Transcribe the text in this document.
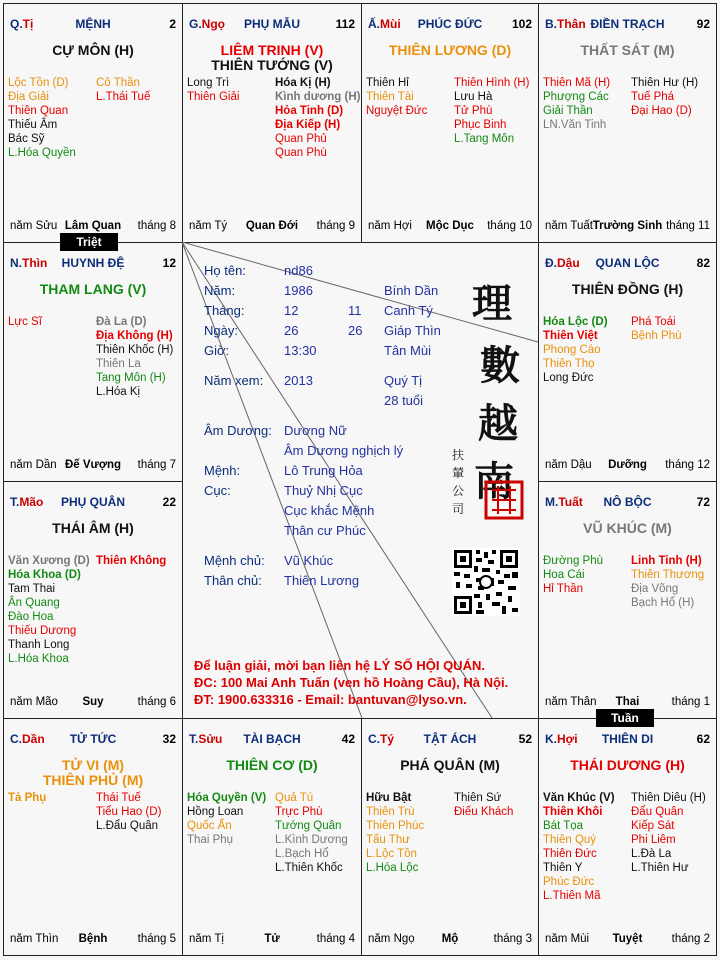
MỆNH
Q.Tị	2
CỰ MÔN (H)
Lộc Tồn (D)
Địa Giải
Thiên Quan
Thiếu Âm
Bác Sỹ
L.Hóa Quyền
Cô Thần
L.Thái Tuế
năm Sửu Lâm Quan	tháng 8
PHỤ MẪU
G.Ngọ	112
LIÊM TRINH (V)
THIÊN TƯỚNG (V)
Long Trì
Thiên Giải
Hóa Kị (H)
Kình dương (H)
Hỏa Tinh (D)
Địa Kiếp (H)
Quan Phủ
Quan Phù
năm Tý	Quan Đới	tháng 9
PHÚC ĐỨC
Ấ.Mùi	102
THIÊN LƯƠNG (D)
Thiên Hỉ
Thiên Tài
Nguyệt Đức
Thiên Hình (H)
Lưu Hà
Tử Phù
Phục Binh
L.Tang Môn
năm Hợi	Mộc Dục	tháng 10
ĐIỀN TRẠCH
B.Thân	92
THẤT SÁT (M)
Thiên Mã (H)
Phượng Các
Giải Thần
LN.Văn Tinh
Thiên Hư (H)
Tuế Phá
Đại Hao (D)
năm Tuất Trường Sinh tháng 11
HUYNH ĐỆ
N.Thìn	12
THAM LANG (V)
Lực Sĩ	Đà La (D)
Địa Không (H)
Thiên Khốc (H)
Thiên La
Tang Môn (H)
L.Hóa Kị
năm Dần Đế Vượng	tháng 7
QUAN LỘC
Đ.Dậu	82
THIÊN ĐỒNG (H)
Hóa Lộc (D)
Thiên Việt
Phong Cáo
Thiên Thọ
Long Đức
Phá Toái
Bệnh Phù
năm Dậu	Dưỡng	tháng 12
PHỤ QUÂN
T.Mão	22
THÁI ÂM (H)
Văn Xương (D)
Hóa Khoa (D)
Tam Thai
Ân Quang
Đào Hoa
Thiếu Dương
Thanh Long
L.Hóa Khoa
Thiên Không
năm Mão	Suy	tháng 6
NÔ BỘC
M.Tuất	72
VŨ KHÚC (M)
Đường Phù
Hoa Cái
Hỉ Thần
Linh Tinh (H)
Thiên Thương
Địa Võng
Bạch Hổ (H)
năm Thân	Thai	tháng 1
TỬ TỨC
C.Dần	32
TỬ VI (M)
THIÊN PHỦ (M)
Tả Phụ	Thái Tuế
Tiểu Hao (D)
L.Đẩu Quân
năm Thìn	Bệnh	tháng 5
TÀI BẠCH
T.Sửu	42
THIÊN CƠ (D)
Hóa Quyền (V)
Hồng Loan
Quốc Ấn
Thai Phụ
Quả Tú
Trực Phù
Tướng Quân
L.Kình Dương
L.Bạch Hổ
L.Thiên Khốc
năm Tị	Tử	tháng 4
TẬT ÁCH
C.Tý	52
PHÁ QUÂN (M)
Hữu Bật
Thiên Trù
Thiên Phúc
Tấu Thư
L.Lộc Tồn
L.Hóa Lộc
Thiên Sứ
Điếu Khách
năm Ngọ	Mộ	tháng 3
THIÊN DI
K.Hợi	62
THÁI DƯƠNG (H)
Văn Khúc (V)
Thiên Khôi
Bát Tọa
Thiên Quý
Thiên Đức
Thiên Y
Phúc Đức
L.Thiên Mã
Thiên Diêu (H)
Đẩu Quân
Kiếp Sát
Phi Liêm
L.Đà La
L.Thiên Hư
năm Mùi	Tuyệt	tháng 2
Họ tên:	nd86
Năm:	1986	Bính Dần
Tháng:	12	11 Canh Tý
Ngày:	26	26 Giáp Thìn
Giờ:	13:30	Tân Mùi
Năm xem: 2013	Quý Tị
28 tuổi
Âm Dương: Dương Nữ
Âm Dương nghịch lý
Mệnh:	Lô Trung Hỏa
Cục:	Thuỷ Nhị Cục
Cục khắc Mệnh
Thân cư Phúc
Mệnh chủ: Vũ Khúc
Thân chủ: Thiên Lương
理
數
越
南
扶
輦
公
司
Để luận giải, mời bạn liên hệ LÝ SỐ HỘI QUÁN.
ĐC: 100 Mai Anh Tuấn (ven hồ Hoàng Cầu), Hà Nội.
ĐT: 1900.633316 - Email: bantuvan@lyso.vn.
Triệt
Tuần
